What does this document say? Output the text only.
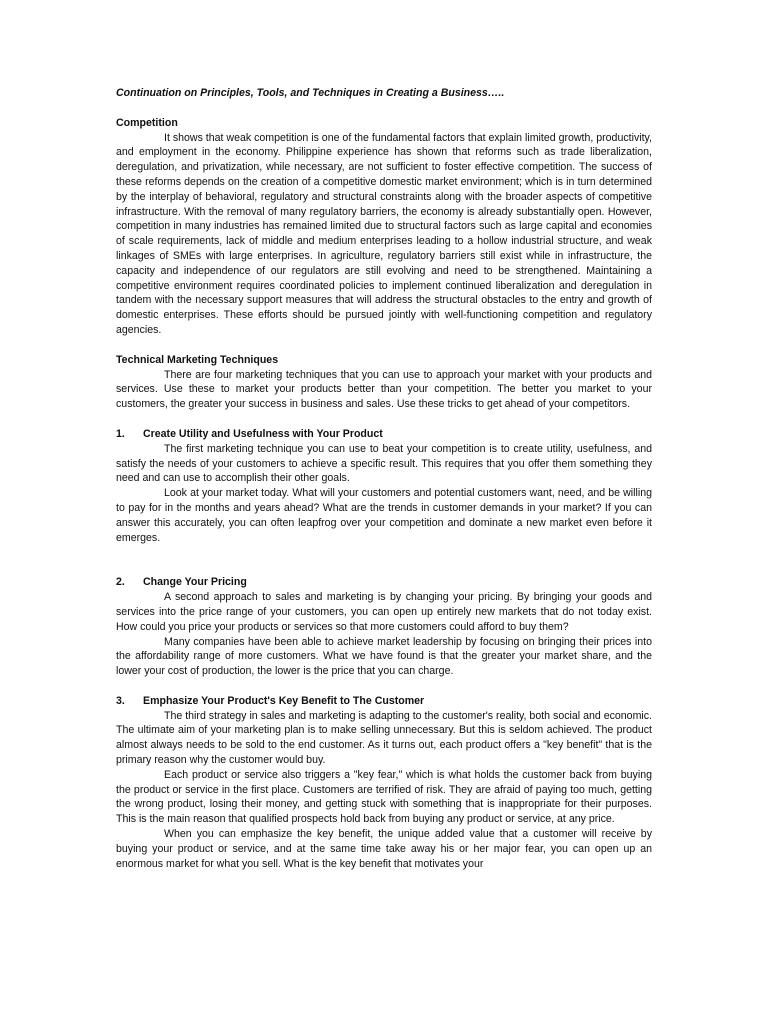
Continuation on Principles, Tools, and Techniques in Creating a Business…..
Competition

It shows that weak competition is one of the fundamental factors that explain limited growth, productivity, and employment in the economy. Philippine experience has shown that reforms such as trade liberalization, deregulation, and privatization, while necessary, are not sufficient to foster effective competition. The success of these reforms depends on the creation of a competitive domestic market environment; which is in turn determined by the interplay of behavioral, regulatory and structural constraints along with the broader aspects of competitive infrastructure. With the removal of many regulatory barriers, the economy is already substantially open. However, competition in many industries has remained limited due to structural factors such as large capital and economies of scale requirements, lack of middle and medium enterprises leading to a hollow industrial structure, and weak linkages of SMEs with large enterprises. In agriculture, regulatory barriers still exist while in infrastructure, the capacity and independence of our regulators are still evolving and need to be strengthened. Maintaining a competitive environment requires coordinated policies to implement continued liberalization and deregulation in tandem with the necessary support measures that will address the structural obstacles to the entry and growth of domestic enterprises. These efforts should be pursued jointly with well-functioning competition and regulatory agencies.

Technical Marketing Techniques

There are four marketing techniques that you can use to approach your market with your products and services. Use these to market your products better than your competition. The better you market to your customers, the greater your success in business and sales. Use these tricks to get ahead of your competitors.

1.	Create Utility and Usefulness with Your Product

The first marketing technique you can use to beat your competition is to create utility, usefulness, and satisfy the needs of your customers to achieve a specific result. This requires that you offer them something they need and can use to accomplish their other goals.

Look at your market today. What will your customers and potential customers want, need, and be willing to pay for in the months and years ahead? What are the trends in customer demands in your market? If you can answer this accurately, you can often leapfrog over your competition and dominate a new market even before it emerges.

2.	Change Your Pricing

A second approach to sales and marketing is by changing your pricing. By bringing your goods and services into the price range of your customers, you can open up entirely new markets that do not today exist. How could you price your products or services so that more customers could afford to buy them?

Many companies have been able to achieve market leadership by focusing on bringing their prices into the affordability range of more customers. What we have found is that the greater your market share, and the lower your cost of production, the lower is the price that you can charge.

3.	Emphasize Your Product's Key Benefit to The Customer

The third strategy in sales and marketing is adapting to the customer's reality, both social and economic. The ultimate aim of your marketing plan is to make selling unnecessary. But this is seldom achieved. The product almost always needs to be sold to the end customer. As it turns out, each product offers a "key benefit" that is the primary reason why the customer would buy.

Each product or service also triggers a "key fear," which is what holds the customer back from buying the product or service in the first place. Customers are terrified of risk. They are afraid of paying too much, getting the wrong product, losing their money, and getting stuck with something that is inappropriate for their purposes. This is the main reason that qualified prospects hold back from buying any product or service, at any price.

When you can emphasize the key benefit, the unique added value that a customer will receive by buying your product or service, and at the same time take away his or her major fear, you can open up an enormous market for what you sell. What is the key benefit that motivates your
